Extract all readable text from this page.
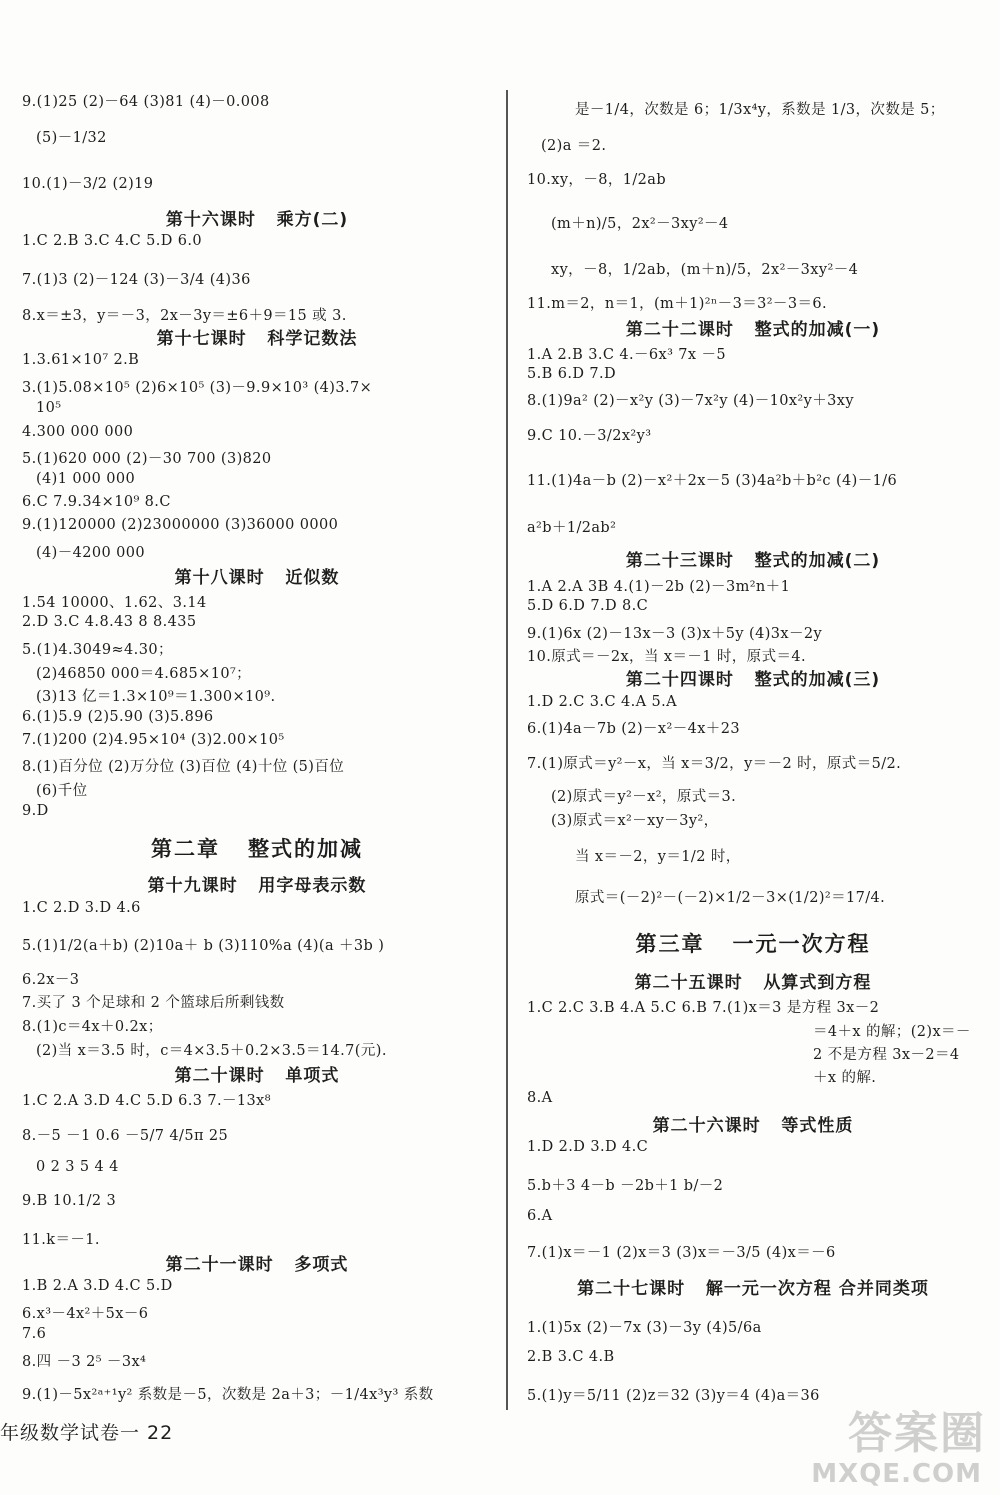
9.(1)25 (2)－64 (3)81 (4)－0.008
(5)－1/32
10.(1)－3/2 (2)19
第十六课时   乘方(二)
1.C 2.B 3.C 4.C 5.D 6.0
7.(1)3 (2)－124 (3)－3/4 (4)36
8.x＝±3，y＝－3，2x－3y＝±6＋9＝15 或 3.
第十七课时   科学记数法
1.3.61×10⁷ 2.B
3.(1)5.08×10⁵ (2)6×10⁵ (3)－9.9×10³ (4)3.7×
10⁵
4.300 000 000
5.(1)620 000 (2)－30 700 (3)820
(4)1 000 000
6.C 7.9.34×10⁹ 8.C
9.(1)120000 (2)23000000 (3)36000 0000
(4)－4200 000
第十八课时   近似数
1.54 10000、1.62、3.14
2.D 3.C 4.8.43 8 8.435
5.(1)4.3049≈4.30；
(2)46850 000＝4.685×10⁷；
(3)13 亿＝1.3×10⁹＝1.300×10⁹.
6.(1)5.9 (2)5.90 (3)5.896
7.(1)200 (2)4.95×10⁴ (3)2.00×10⁵
8.(1)百分位 (2)万分位 (3)百位 (4)十位 (5)百位
(6)千位
9.D
第二章   整式的加减
第十九课时   用字母表示数
1.C 2.D 3.D 4.6
5.(1)1/2(a＋b) (2)10a＋ b (3)110%a (4)(a ＋3b )
6.2x－3
7.买了 3 个足球和 2 个篮球后所剩钱数
8.(1)c＝4x＋0.2x；
(2)当 x＝3.5 时，c＝4×3.5＋0.2×3.5＝14.7(元).
第二十课时   单项式
1.C 2.A 3.D 4.C 5.D 6.3 7.－13x⁸
8.－5 －1 0.6 －5/7 4/5π 25
0 2 3 5 4 4
9.B 10.1/2 3
11.k＝－1.
第二十一课时   多项式
1.B 2.A 3.D 4.C 5.D
6.x³－4x²＋5x－6
7.6
8.四 －3 2⁵ －3x⁴
9.(1)－5x²ᵃ⁺¹y² 系数是－5，次数是 2a＋3；－1/4x³y³ 系数
是－1/4，次数是 6；1/3x⁴y，系数是 1/3，次数是 5；
(2)a ＝2.
10.xy，－8，1/2ab
(m＋n)/5，2x²－3xy²－4
xy，－8，1/2ab，(m＋n)/5，2x²－3xy²－4
11.m＝2，n＝1，(m＋1)²ⁿ－3＝3²－3＝6.
第二十二课时   整式的加减(一)
1.A 2.B 3.C 4.－6x³ 7x －5
5.B 6.D 7.D
8.(1)9a² (2)－x²y (3)－7x²y (4)－10x²y＋3xy
9.C 10.－3/2x²y³
11.(1)4a－b (2)－x²＋2x－5 (3)4a²b＋b²c (4)－1/6
a²b＋1/2ab²
第二十三课时   整式的加减(二)
1.A 2.A 3B 4.(1)－2b (2)－3m²n＋1
5.D 6.D 7.D 8.C
9.(1)6x (2)－13x－3 (3)x＋5y (4)3x－2y
10.原式＝－2x，当 x＝－1 时，原式＝4.
第二十四课时   整式的加减(三)
1.D 2.C 3.C 4.A 5.A
6.(1)4a－7b (2)－x²－4x＋23
7.(1)原式＝y²－x，当 x＝3/2，y＝－2 时，原式＝5/2.
(2)原式＝y²－x²，原式＝3.
(3)原式＝x²－xy－3y²，
当 x＝－2，y＝1/2 时，
原式＝(－2)²－(－2)×1/2－3×(1/2)²＝17/4.
第三章   一元一次方程
第二十五课时   从算式到方程
1.C 2.C 3.B 4.A 5.C 6.B 7.(1)x＝3 是方程 3x－2
＝4＋x 的解；(2)x＝－
2 不是方程 3x－2＝4
＋x 的解.
8.A
第二十六课时   等式性质
1.D 2.D 3.D 4.C
5.b＋3 4－b －2b＋1 b/－2
6.A
7.(1)x＝－1 (2)x＝3 (3)x＝－3/5 (4)x＝－6
第二十七课时   解一元一次方程 合并同类项
1.(1)5x (2)－7x (3)－3y (4)5/6a
2.B 3.C 4.B
5.(1)y＝5/11 (2)z＝32 (3)y＝4 (4)a＝36
年级数学试卷一 22	答案圈
MXQE.COM
